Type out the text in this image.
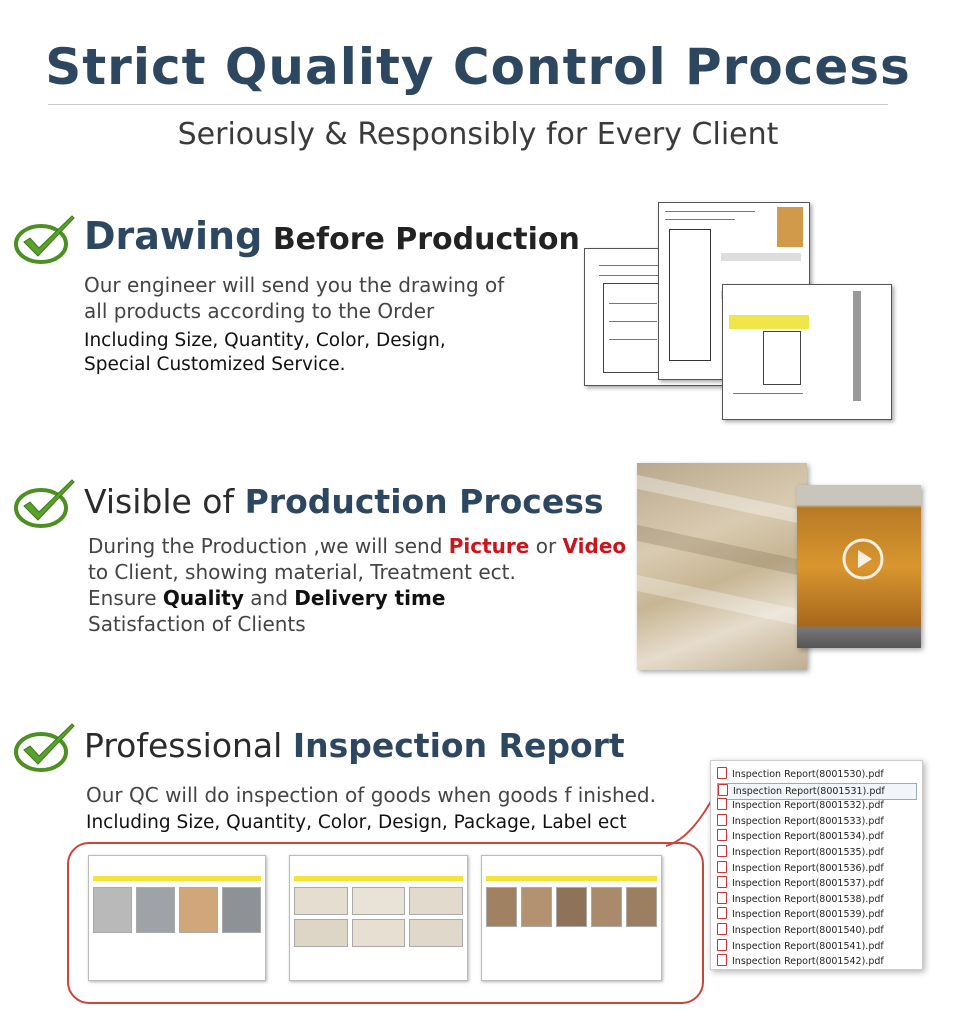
Strict Quality Control Process
Seriously & Responsibly for Every Client
Drawing Before Production
Our engineer will send you the drawing of
all products according to the Order
Including Size, Quantity, Color, Design,
Special Customized Service.
Visible of Production Process
During the Production ,we will send Picture or Video
to Client, showing material, Treatment ect.
Ensure Quality and Delivery time
Satisfaction of Clients
Professional Inspection Report
Our QC will do inspection of goods when goods f inished.
Including Size, Quantity, Color, Design, Package, Label ect
Inspection Report(8001530).pdf
Inspection Report(8001531).pdf
Inspection Report(8001532).pdf
Inspection Report(8001533).pdf
Inspection Report(8001534).pdf
Inspection Report(8001535).pdf
Inspection Report(8001536).pdf
Inspection Report(8001537).pdf
Inspection Report(8001538).pdf
Inspection Report(8001539).pdf
Inspection Report(8001540).pdf
Inspection Report(8001541).pdf
Inspection Report(8001542).pdf
